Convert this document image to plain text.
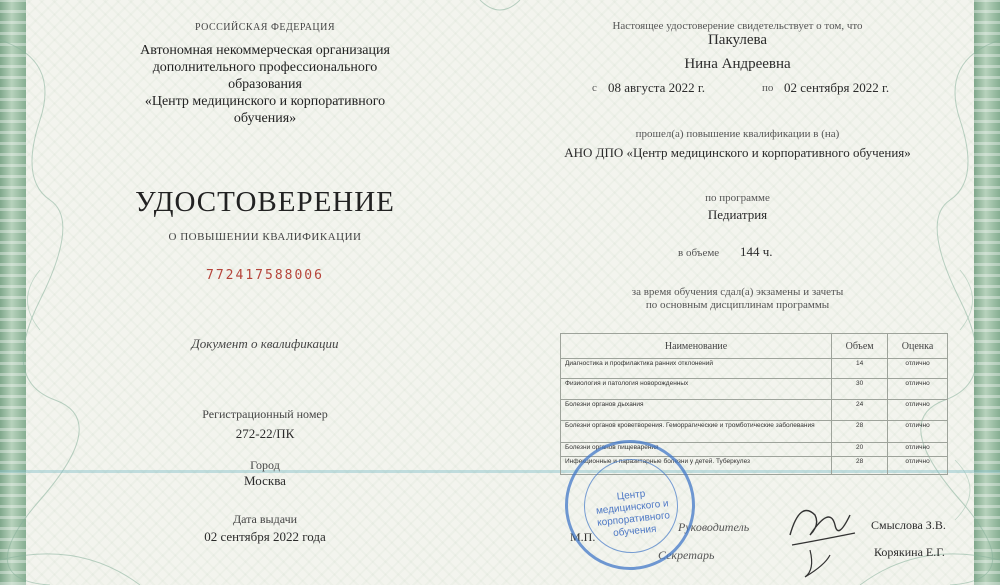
РОССИЙСКАЯ ФЕДЕРАЦИЯ
Автономная некоммерческая организация
дополнительного профессионального
образования
«Центр медицинского и корпоративного
обучения»
УДОСТОВЕРЕНИЕ
О ПОВЫШЕНИИ КВАЛИФИКАЦИИ
772417588006
Документ о квалификации
Регистрационный номер
272-22/ПК
Город
Москва
Дата выдачи
02 сентября 2022 года
Настоящее удостоверение свидетельствует о том, что
Пакулева
Нина Андреевна
с 08 августа 2022 г.	по 02 сентября 2022 г.
прошел(а) повышение квалификации в (на)
АНО ДПО «Центр медицинского и корпоративного обучения»
по программе
Педиатрия
в объеме 144 ч.
за время обучения сдал(а) экзамены и зачеты
по основным дисциплинам программы
Наименование	Объем	Оценка
Диагностика и профилактика ранних отклонений	14	отлично
Физиология и патология новорожденных	30	отлично
Болезни органов дыхания	24	отлично
Болезни органов кроветворения. Геморрагические и тромботические заболевания	28	отлично
Болезни органов пищеварения	20	отлично
Инфекционные и паразитарные болезни у детей. Туберкулез	28	отлично
М.П.
Руководитель
Секретарь
Смыслова З.В.
Корякина Е.Г.
Центр медицинского и корпоративного обучения
